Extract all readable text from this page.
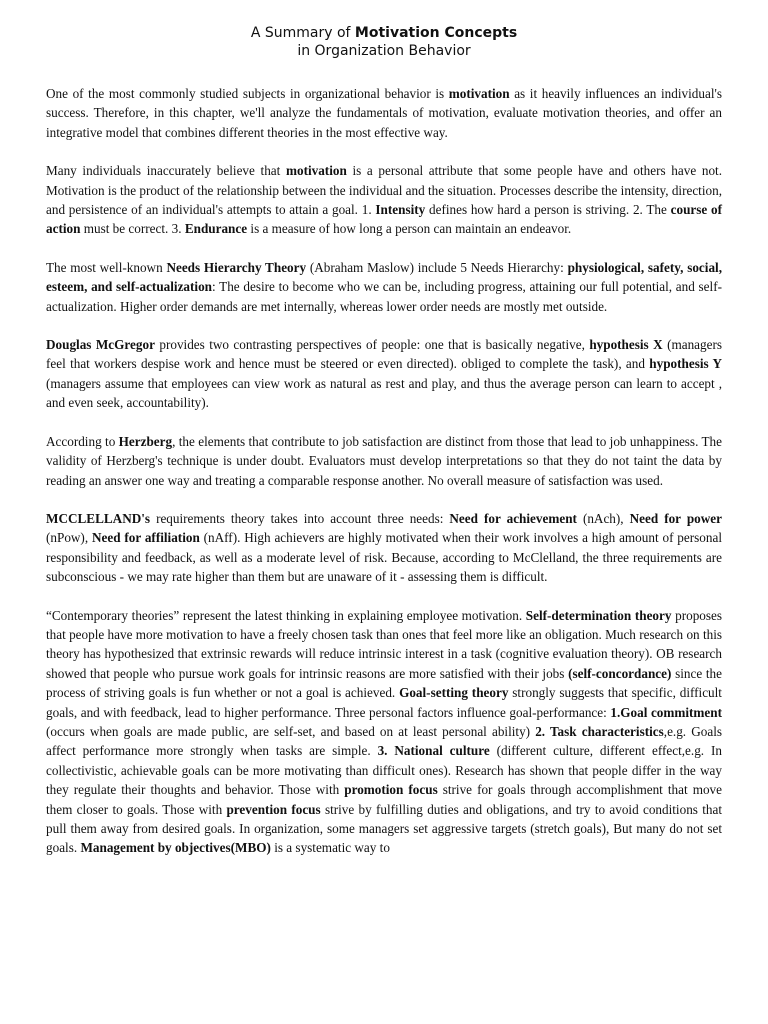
A Summary of Motivation Concepts
in Organization Behavior

One of the most commonly studied subjects in organizational behavior is motivation as it heavily influences an individual's success. Therefore, in this chapter, we'll analyze the fundamentals of motivation, evaluate motivation theories, and offer an integrative model that combines different theories in the most effective way.

Many individuals inaccurately believe that motivation is a personal attribute that some people have and others have not. Motivation is the product of the relationship between the individual and the situation. Processes describe the intensity, direction, and persistence of an individual's attempts to attain a goal. 1. Intensity defines how hard a person is striving. 2. The course of action must be correct. 3. Endurance is a measure of how long a person can maintain an endeavor.

The most well-known Needs Hierarchy Theory (Abraham Maslow) include 5 Needs Hierarchy: physiological, safety, social, esteem, and self-actualization: The desire to become who we can be, including progress, attaining our full potential, and self-actualization. Higher order demands are met internally, whereas lower order needs are mostly met outside.

Douglas McGregor provides two contrasting perspectives of people: one that is basically negative, hypothesis X (managers feel that workers despise work and hence must be steered or even directed). obliged to complete the task), and hypothesis Y (managers assume that employees can view work as natural as rest and play, and thus the average person can learn to accept , and even seek, accountability).

According to Herzberg, the elements that contribute to job satisfaction are distinct from those that lead to job unhappiness. The validity of Herzberg's technique is under doubt. Evaluators must develop interpretations so that they do not taint the data by reading an answer one way and treating a comparable response another. No overall measure of satisfaction was used.

MCCLELLAND's requirements theory takes into account three needs: Need for achievement (nAch), Need for power (nPow), Need for affiliation (nAff). High achievers are highly motivated when their work involves a high amount of personal responsibility and feedback, as well as a moderate level of risk. Because, according to McClelland, the three requirements are subconscious - we may rate higher than them but are unaware of it - assessing them is difficult.

“Contemporary theories” represent the latest thinking in explaining employee motivation. Self-determination theory proposes that people have more motivation to have a freely chosen task than ones that feel more like an obligation. Much research on this theory has hypothesized that extrinsic rewards will reduce intrinsic interest in a task (cognitive evaluation theory). OB research showed that people who pursue work goals for intrinsic reasons are more satisfied with their jobs (self-concordance) since the process of striving goals is fun whether or not a goal is achieved. Goal-setting theory strongly suggests that specific, difficult goals, and with feedback, lead to higher performance. Three personal factors influence goal-performance: 1.Goal commitment (occurs when goals are made public, are self-set, and based on at least personal ability) 2. Task characteristics,e.g. Goals affect performance more strongly when tasks are simple. 3. National culture (different culture, different effect,e.g. In collectivistic, achievable goals can be more motivating than difficult ones). Research has shown that people differ in the way they regulate their thoughts and behavior. Those with promotion focus strive for goals through accomplishment that move them closer to goals. Those with prevention focus strive by fulfilling duties and obligations, and try to avoid conditions that pull them away from desired goals. In organization, some managers set aggressive targets (stretch goals), But many do not set goals. Management by objectives(MBO) is a systematic way to
